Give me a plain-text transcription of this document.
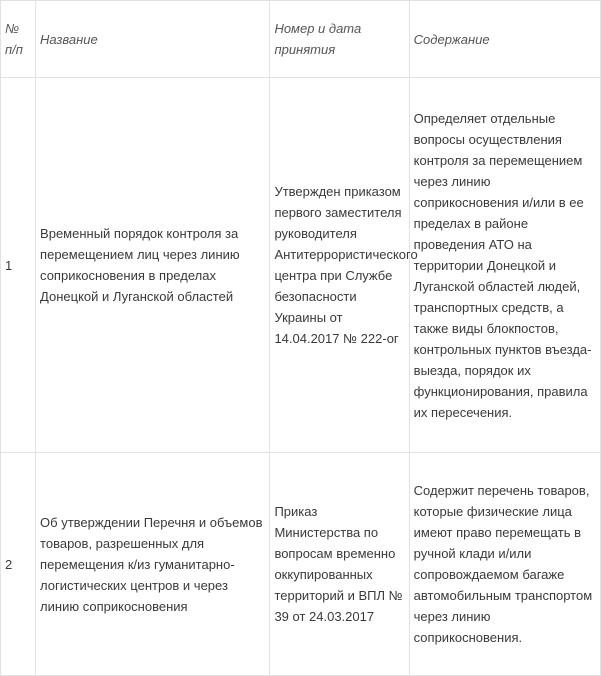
№ п/п	Название	Номер и дата принятия	Содержание

1	Временный порядок контроля за перемещением лиц через линию соприкосновения в пределах Донецкой и Луганской областей	Утвержден приказом первого заместителя руководителя Антитеррористического центра при Службе безопасности Украины от 14.04.2017 № 222-ог	Определяет отдельные вопросы осуществления контроля за перемещением через линию соприкосновения и/или в ее пределах в районе проведения АТО на территории Донецкой и Луганской областей людей, транспортных средств, а также виды блокпостов, контрольных пунктов въезда-выезда, порядок их функционирования, правила их пересечения.

2	Об утверждении Перечня и объемов товаров, разрешенных для перемещения к/из гуманитарно-логистических центров и через линию соприкосновения	Приказ Министерства по вопросам временно оккупированных территорий и ВПЛ № 39 от 24.03.2017	Содержит перечень товаров, которые физические лица имеют право перемещать в ручной клади и/или сопровождаемом багаже автомобильным транспортом через линию соприкосновения.
